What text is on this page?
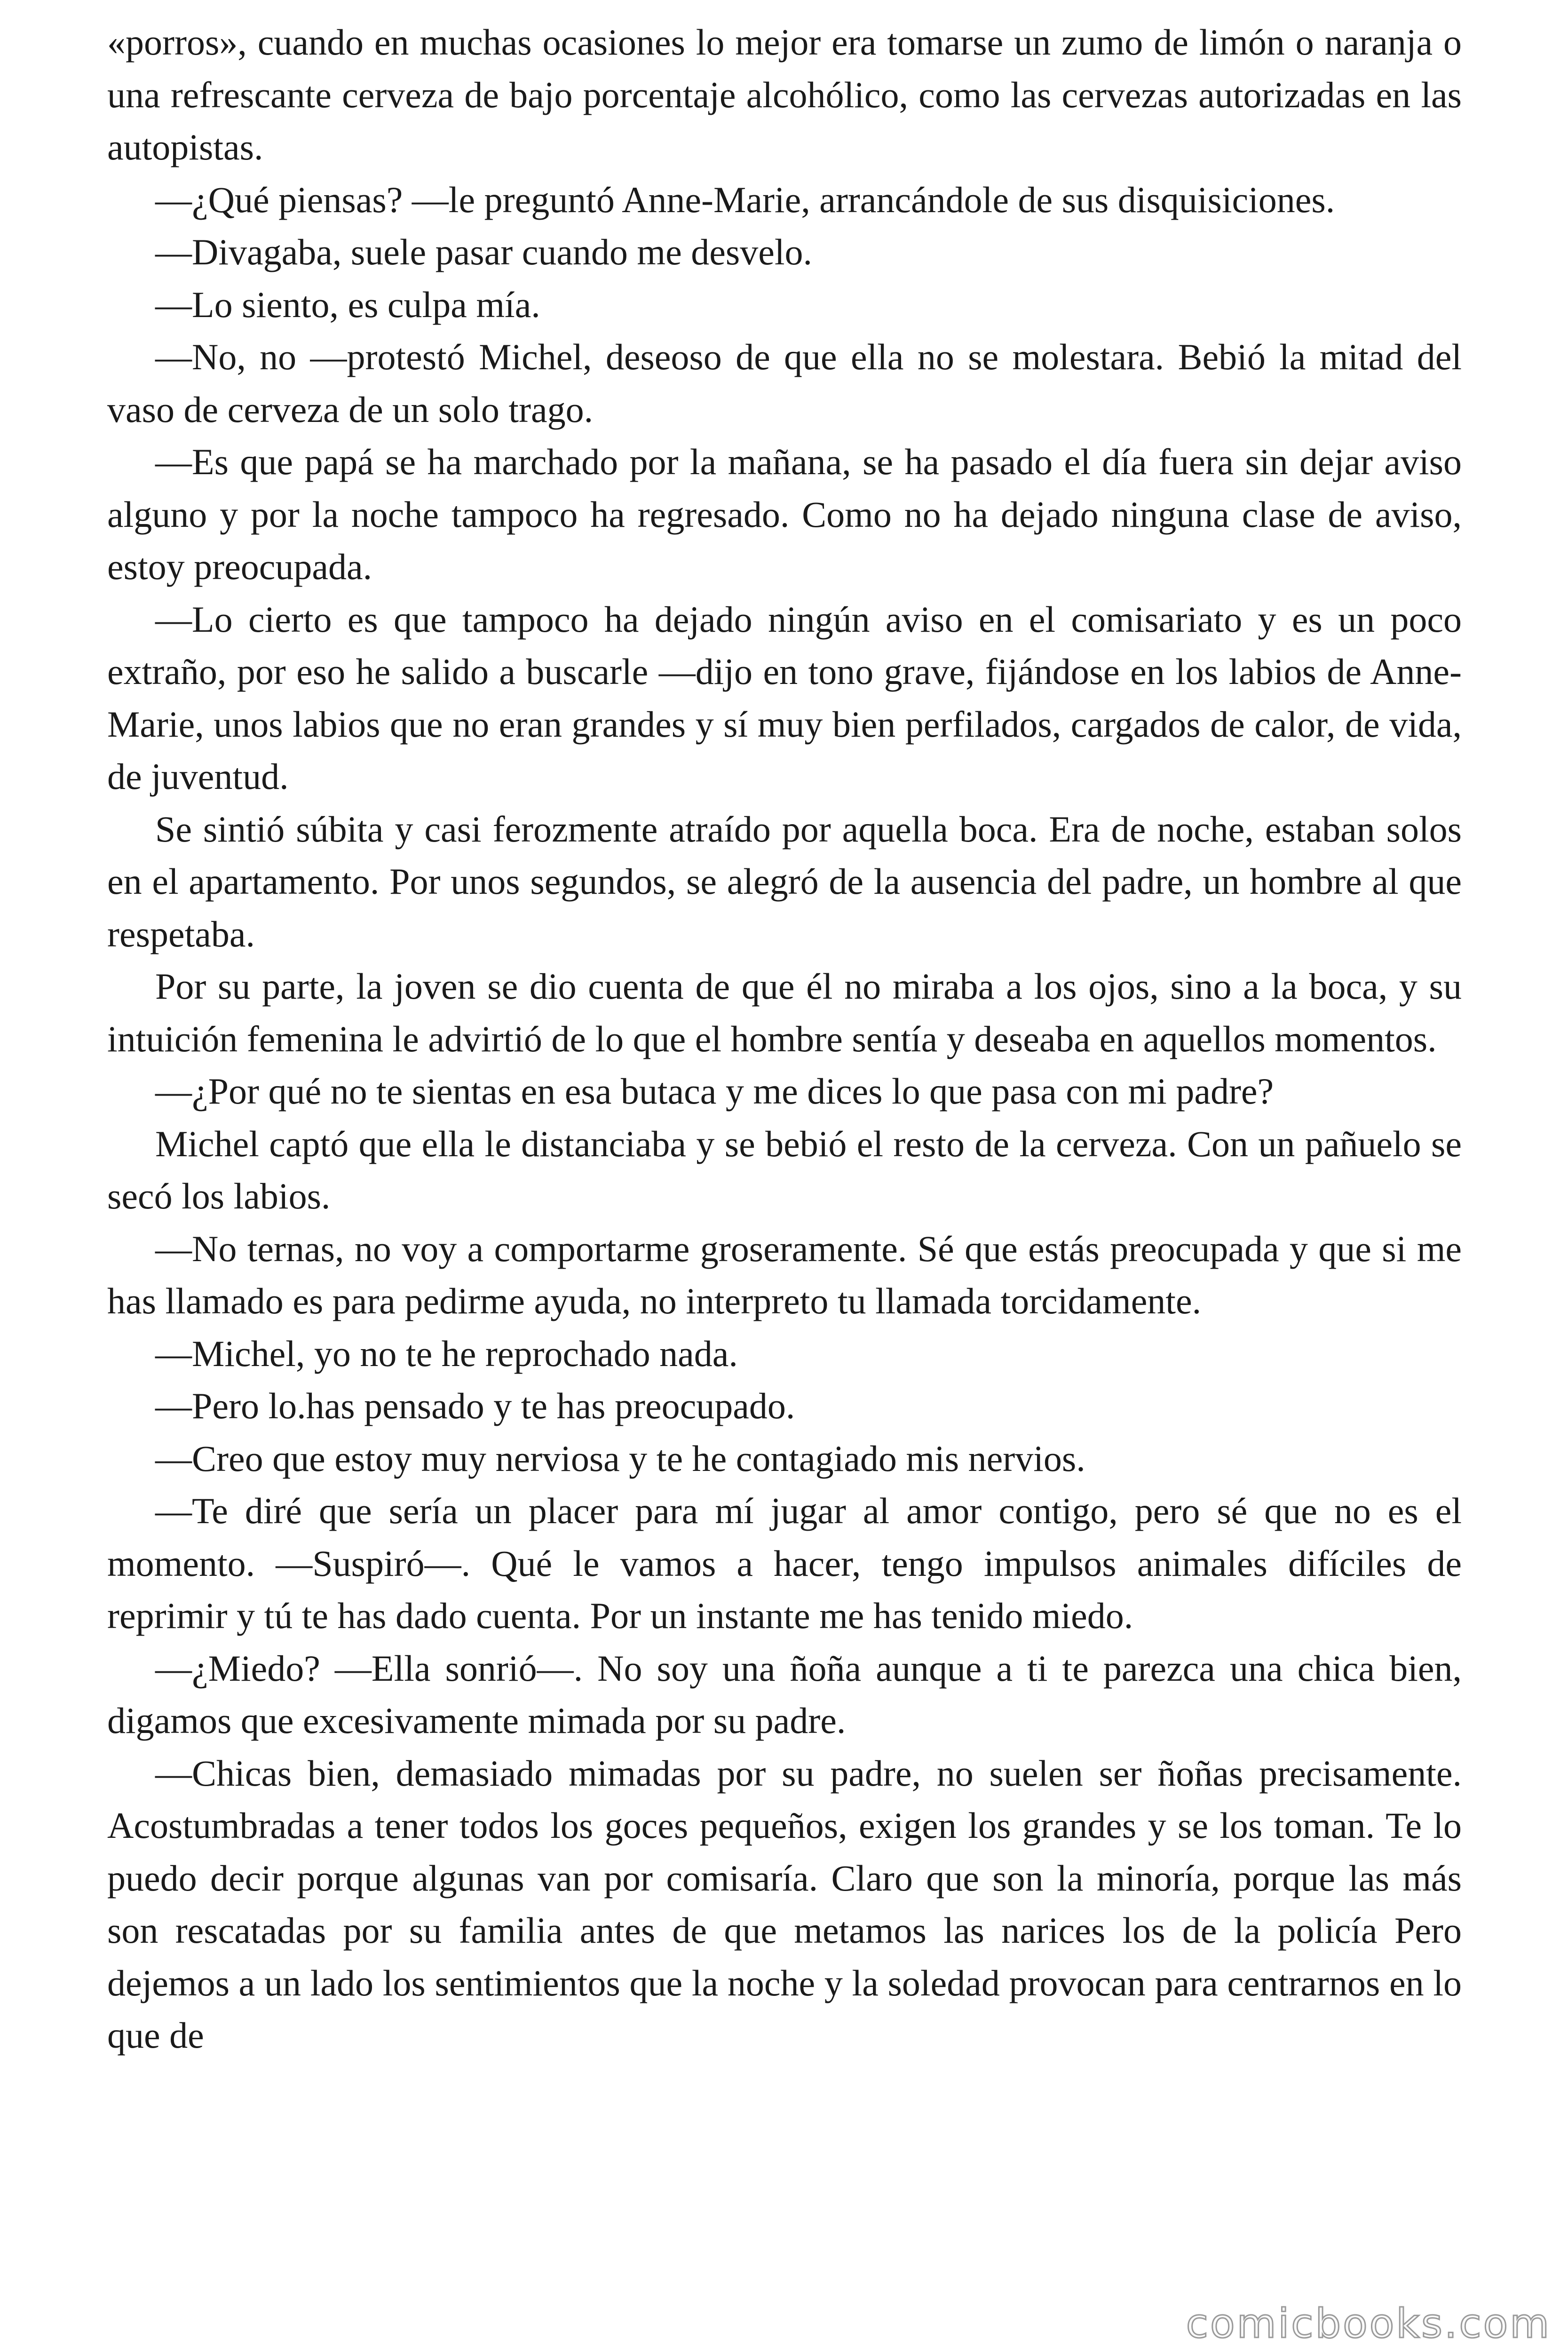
«porros», cuando en muchas ocasiones lo mejor era tomarse un zumo de limón o naranja o una refrescante cerveza de bajo porcentaje alcohólico, como las cervezas autorizadas en las autopistas.

—¿Qué piensas? —le preguntó Anne-Marie, arrancándole de sus disquisiciones.

—Divagaba, suele pasar cuando me desvelo.

—Lo siento, es culpa mía.

—No, no —protestó Michel, deseoso de que ella no se molestara. Bebió la mitad del vaso de cerveza de un solo trago.

—Es que papá se ha marchado por la mañana, se ha pasado el día fuera sin dejar aviso alguno y por la noche tampoco ha regresado. Como no ha dejado ninguna clase de aviso, estoy preocupada.

—Lo cierto es que tampoco ha dejado ningún aviso en el comisariato y es un poco extraño, por eso he salido a buscarle —dijo en tono grave, fijándose en los labios de Anne-Marie, unos labios que no eran grandes y sí muy bien perfilados, cargados de calor, de vida, de juventud.

Se sintió súbita y casi ferozmente atraído por aquella boca. Era de noche, estaban solos en el apartamento. Por unos segundos, se alegró de la ausencia del padre, un hombre al que respetaba.

Por su parte, la joven se dio cuenta de que él no miraba a los ojos, sino a la boca, y su intuición femenina le advirtió de lo que el hombre sentía y deseaba en aquellos momentos.

—¿Por qué no te sientas en esa butaca y me dices lo que pasa con mi padre?

Michel captó que ella le distanciaba y se bebió el resto de la cerveza. Con un pañuelo se secó los labios.

—No ternas, no voy a comportarme groseramente. Sé que estás preocupada y que si me has llamado es para pedirme ayuda, no interpreto tu llamada torcidamente.

—Michel, yo no te he reprochado nada.

—Pero lo.has pensado y te has preocupado.

—Creo que estoy muy nerviosa y te he contagiado mis nervios.

—Te diré que sería un placer para mí jugar al amor contigo, pero sé que no es el momento. —Suspiró—. Qué le vamos a hacer, tengo impulsos animales difíciles de reprimir y tú te has dado cuenta. Por un instante me has tenido miedo.

—¿Miedo? —Ella sonrió—. No soy una ñoña aunque a ti te parezca una chica bien, digamos que excesivamente mimada por su padre.

—Chicas bien, demasiado mimadas por su padre, no suelen ser ñoñas precisamente. Acostumbradas a tener todos los goces pequeños, exigen los grandes y se los toman. Te lo puedo decir porque algunas van por comisaría. Claro que son la minoría, porque las más son rescatadas por su familia antes de que metamos las narices los de la policía Pero dejemos a un lado los sentimientos que la noche y la soledad provocan para centrarnos en lo que de

comicbooks.com
